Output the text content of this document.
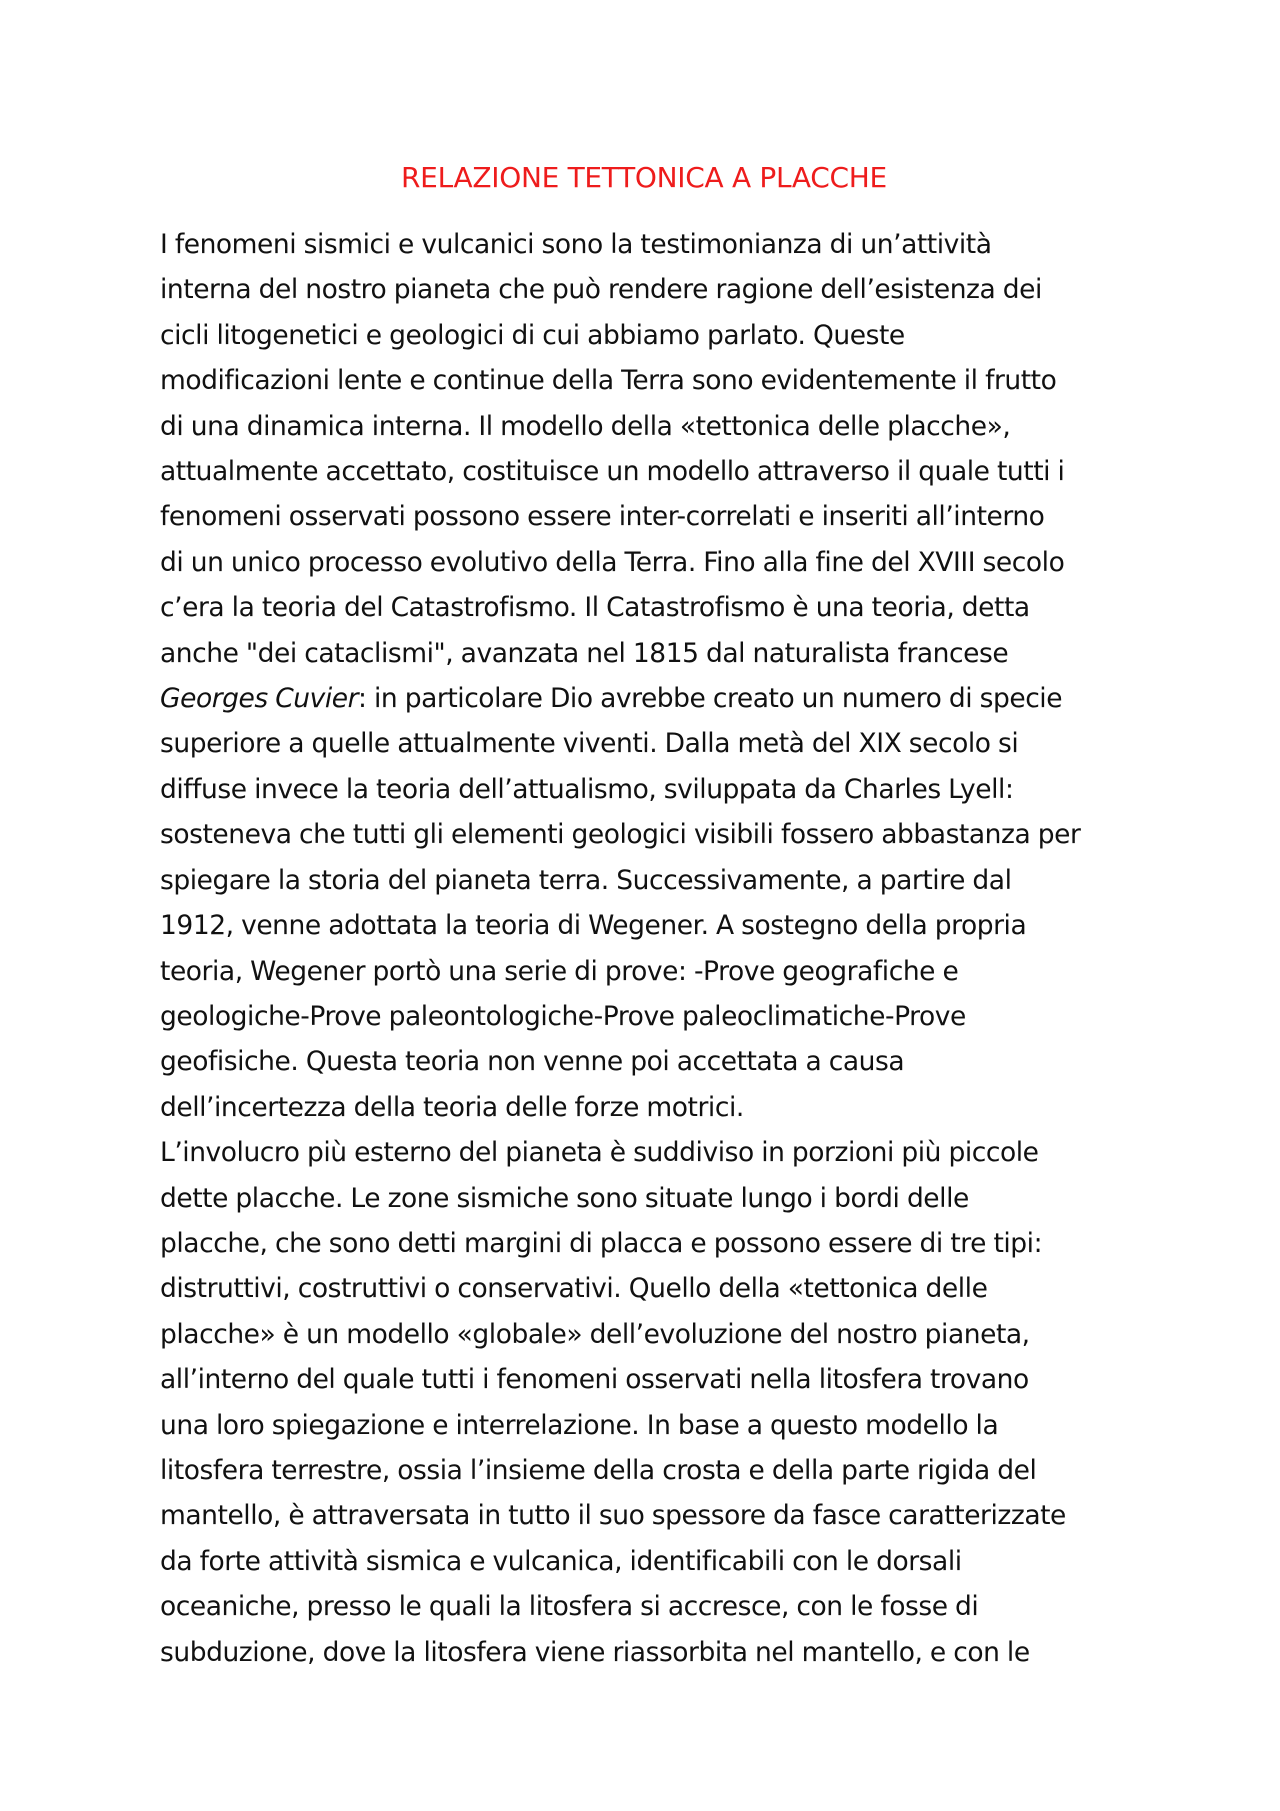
RELAZIONE TETTONICA A PLACCHE
I fenomeni sismici e vulcanici sono la testimonianza di un’attività
interna del nostro pianeta che può rendere ragione dell’esistenza dei
cicli litogenetici e geologici di cui abbiamo parlato. Queste
modificazioni lente e continue della Terra sono evidentemente il frutto
di una dinamica interna. Il modello della «tettonica delle placche»,
attualmente accettato, costituisce un modello attraverso il quale tutti i
fenomeni osservati possono essere inter-correlati e inseriti all’interno
di un unico processo evolutivo della Terra. Fino alla fine del XVIII secolo
c’era la teoria del Catastrofismo. Il Catastrofismo è una teoria, detta
anche "dei cataclismi", avanzata nel 1815 dal naturalista francese
Georges Cuvier: in particolare Dio avrebbe creato un numero di specie
superiore a quelle attualmente viventi. Dalla metà del XIX secolo si
diffuse invece la teoria dell’attualismo, sviluppata da Charles Lyell:
sosteneva che tutti gli elementi geologici visibili fossero abbastanza per
spiegare la storia del pianeta terra. Successivamente, a partire dal
1912, venne adottata la teoria di Wegener. A sostegno della propria
teoria, Wegener portò una serie di prove: -Prove geografiche e
geologiche-Prove paleontologiche-Prove paleoclimatiche-Prove
geofisiche. Questa teoria non venne poi accettata a causa
dell’incertezza della teoria delle forze motrici.
L’involucro più esterno del pianeta è suddiviso in porzioni più piccole
dette placche. Le zone sismiche sono situate lungo i bordi delle
placche, che sono detti margini di placca e possono essere di tre tipi:
distruttivi, costruttivi o conservativi. Quello della «tettonica delle
placche» è un modello «globale» dell’evoluzione del nostro pianeta,
all’interno del quale tutti i fenomeni osservati nella litosfera trovano
una loro spiegazione e interrelazione. In base a questo modello la
litosfera terrestre, ossia l’insieme della crosta e della parte rigida del
mantello, è attraversata in tutto il suo spessore da fasce caratterizzate
da forte attività sismica e vulcanica, identificabili con le dorsali
oceaniche, presso le quali la litosfera si accresce, con le fosse di
subduzione, dove la litosfera viene riassorbita nel mantello, e con le
